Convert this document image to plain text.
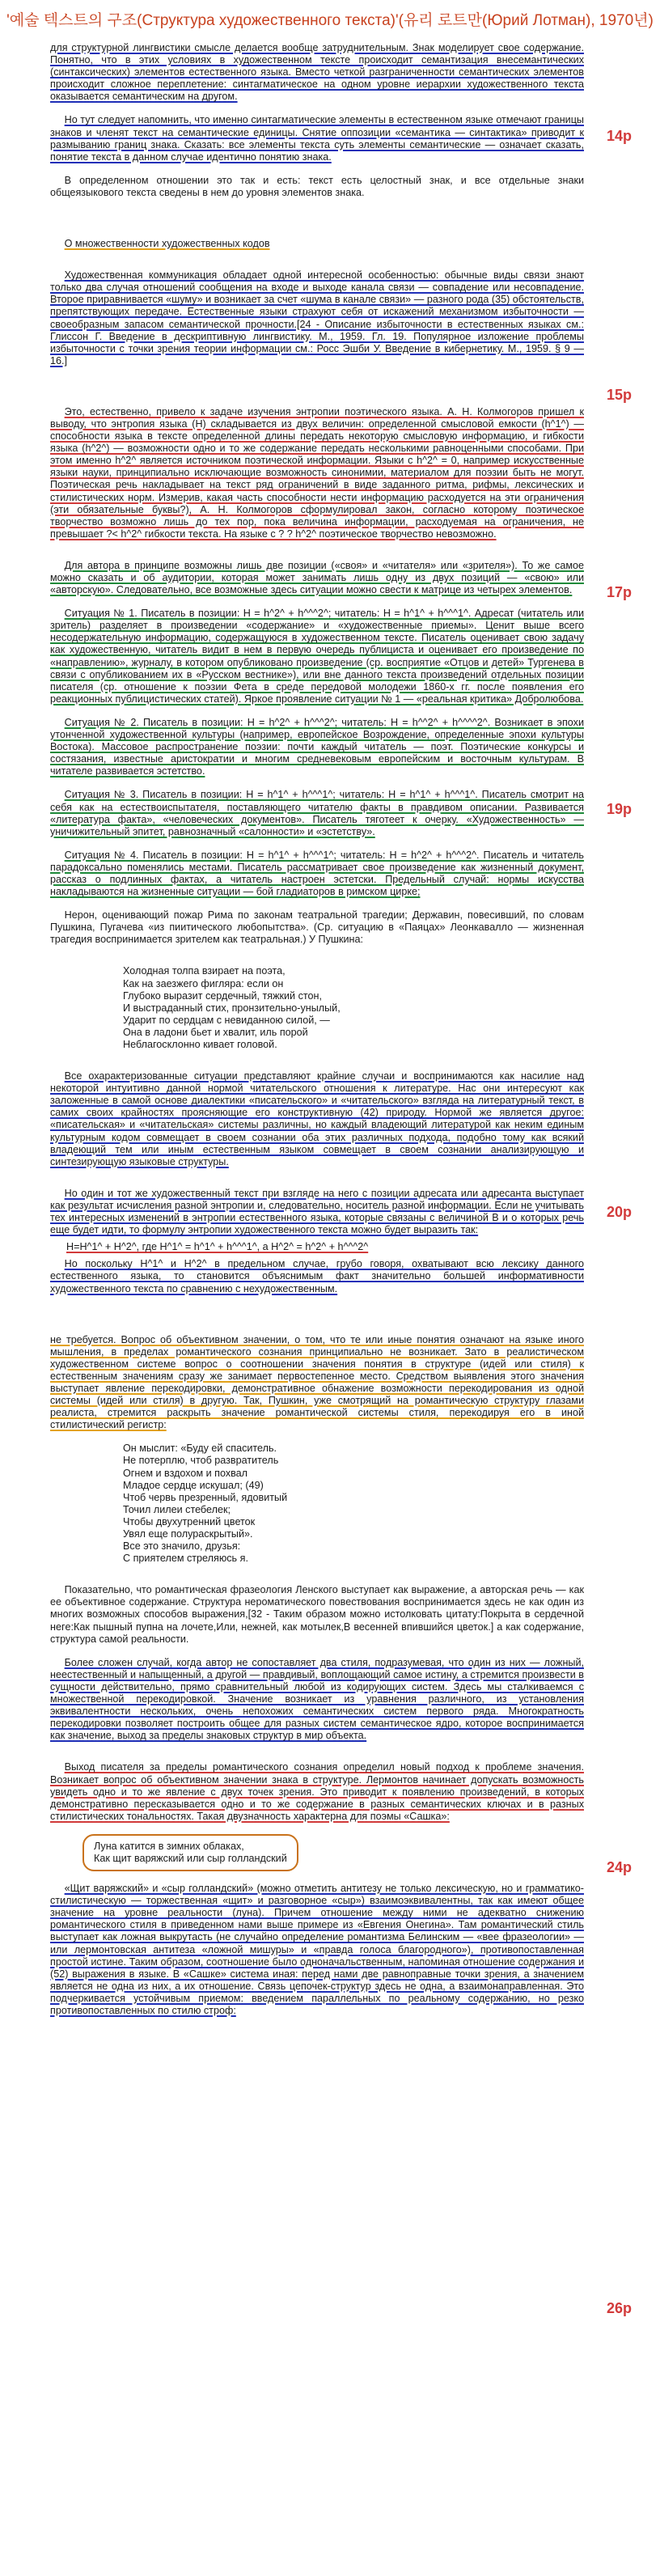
'예술 텍스트의 구조(Структура художественного текста)'(유리 로트만(Юрий Лотман), 1970년)
14p
15p
17p
19p
20p
24p
26p

для структурной лингвистики смысле делается вообще затруднительным. Знак моделирует свое содержание. Понятно, что в этих условиях в художественном тексте происходит семантизация внесемантических (синтаксических) элементов естественного языка. Вместо четкой разграниченности семантических элементов происходит сложное переплетение: синтагматическое на одном уровне иерархии художественного текста оказывается семантическим на другом.

Но тут следует напомнить, что именно синтагматические элементы в естественном языке отмечают границы знаков и членят текст на семантические единицы. Снятие оппозиции «семантика — синтактика» приводит к размыванию границ знака. Сказать: все элементы текста суть элементы семантические — означает сказать, понятие текста в данном случае идентично понятию знака.

В определенном отношении это так и есть: текст есть целостный знак, и все отдельные знаки общеязыкового текста сведены в нем до уровня элементов знака.

О множественности художественных кодов

Художественная коммуникация обладает одной интересной особенностью: обычные виды связи знают только два случая отношений сообщения на входе и выходе канала связи — совпадение или несовпадение. Второе приравнивается «шуму» и возникает за счет «шума в канале связи» — разного рода (35) обстоятельств, препятствующих передаче. Естественные языки страхуют себя от искажений механизмом избыточности — своеобразным запасом семантической прочности.[24 - Описание избыточности в естественных языках см.: Глисcон Г. Введение в дескриптивную лингвистику. М., 1959. Гл. 19. Популярное изложение проблемы избыточности с точки зрения теории информации см.: Росс Эшби У. Введение в кибернетику. М., 1959. § 9 — 16.]

Это, естественно, привело к задаче изучения энтропии поэтического языка. А. Н. Колмогоров пришел к выводу, что энтропия языка (Н) складывается из двух величин: определенной смысловой емкости (h^1^) — способности языка в тексте определенной длины передать некоторую смысловую информацию, и гибкости языка (h^2^) — возможности одно и то же содержание передать несколькими равноценными способами. При этом именно h^2^ является источником поэтической информации. Языки с h^2^ = 0, например искусственные языки науки, принципиально исключающие возможность синонимии, материалом для поэзии быть не могут. Поэтическая речь накладывает на текст ряд ограничений в виде заданного ритма, рифмы, лексических и стилистических норм. Измерив, какая часть способности нести информацию расходуется на эти ограничения (эти обязательные буквы?), А. Н. Колмогоров сформулировал закон, согласно которому поэтическое творчество возможно лишь до тех пор, пока величина информации, расходуемая на ограничения, не превышает ?< h^2^ гибкости текста. На языке с ? ? h^2^ поэтическое творчество невозможно.

Для автора в принципе возможны лишь две позиции («своя» и «читателя» или «зрителя»). То же самое можно сказать и об аудитории, которая может занимать лишь одну из двух позиций — «свою» или «авторскую». Следовательно, все возможные здесь ситуации можно свести к матрице из четырех элементов.

Ситуация № 1. Писатель в позиции: Н = h^2^ + h^^^2^; читатель: Н = h^1^ + h^^^1^. Адресат (читатель или зритель) разделяет в произведении «содержание» и «художественные приемы». Ценит выше всего несодержательную информацию, содержащуюся в художественном тексте. Писатель оценивает свою задачу как художественную, читатель видит в нем в первую очередь публициста и оценивает его произведение по «направлению», журналу, в котором опубликовано произведение (ср. восприятие «Отцов и детей» Тургенева в связи с опубликованием их в «Русском вестнике»), или вне данного текста произведений отдельных позиции писателя (ср. отношение к поэзии Фета в среде передовой молодежи 1860-х гг. после появления его реакционных публицистических статей). Яркое проявление ситуации № 1 — «реальная критика» Добролюбова.

Ситуация № 2. Писатель в позиции: Н = h^2^ + h^^^2^; читатель: Н = h^^2^ + h^^^^2^. Возникает в эпохи утонченной художественной культуры (например, европейское Возрождение, определенные эпохи культуры Востока). Массовое распространение поэзии: почти каждый читатель — поэт. Поэтические конкурсы и состязания, известные аристократии и многим средневековым европейским и восточным культурам. В читателе развивается эстетство.

Ситуация № 3. Писатель в позиции: Н = h^1^ + h^^^1^; читатель: Н = h^1^ + h^^^1^. Писатель смотрит на себя как на естествоиспытателя, поставляющего читателю факты в правдивом описании. Развивается «литература факта», «человеческих документов». Писатель тяготеет к очерку. «Художественность» — уничижительный эпитет, равнозначный «салонности» и «эстетству».

Ситуация № 4. Писатель в позиции: Н = h^1^ + h^^^1^; читатель: Н = h^2^ + h^^^2^. Писатель и читатель парадоксально поменялись местами. Писатель рассматривает свое произведение как жизненный документ, рассказ о подлинных фактах, а читатель настроен эстетски. Предельный случай: нормы искусства накладываются на жизненные ситуации — бой гладиаторов в римском цирке;

Нерон, оценивающий пожар Рима по законам театральной трагедии; Державин, повесивший, по словам Пушкина, Пугачева «из пиитического любопытства». (Ср. ситуацию в «Паяцах» Леонкавалло — жизненная трагедия воспринимается зрителем как театральная.) У Пушкина:

Холодная толпа взирает на поэта,
Как на заезжего фигляра: если он
Глубоко выразит сердечный, тяжкий стон,
И выстраданный стих, пронзительно-унылый,
Ударит по сердцам с невиданною силой, —
Она в ладони бьет и хвалит, иль порой
Неблагосклонно кивает головой.

Все охарактеризованные ситуации представляют крайние случаи и воспринимаются как насилие над некоторой интуитивно данной нормой читательского отношения к литературе. Нас они интересуют как заложенные в самой основе диалектики «писательского» и «читательского» взгляда на литературный текст, в самих своих крайностях проясняющие его конструктивную (42) природу. Нормой же является другое: «писательская» и «читательская» системы различны, но каждый владеющий литературой как неким единым культурным кодом совмещает в своем сознании оба этих различных подхода, подобно тому как всякий владеющий тем или иным естественным языком совмещает в своем сознании анализирующую и синтезирующую языковые структуры.

Но один и тот же художественный текст при взгляде на него с позиции адресата или адресанта выступает как результат исчисления разной энтропии и, следовательно, носитель разной информации. Если не учитывать тех интересных изменений в энтропии естественного языка, которые связаны с величиной В и о которых речь еще будет идти, то формулу энтропии художественного текста можно будет выразить так:

Н=Н^1^ + Н^2^, где Н^1^ = h^1^ + h^^^1^, а Н^2^ = h^2^ + h^^^2^

Но поскольку Н^1^ и Н^2^ в предельном случае, грубо говоря, охватывают всю лексику данного естественного языка, то становится объяснимым факт значительно большей информативности художественного текста по сравнению с нехудожественным.

не требуется. Вопрос об объективном значении, о том, что те или иные понятия означают на языке иного мышления, в пределах романтического сознания принципиально не возникает. Зато в реалистическом художественном системе вопрос о соотношении значения понятия в структуре (идей или стиля) к естественным значениям сразу же занимает первостепенное место. Средством выявления этого значения выступает явление перекодировки, демонстративное обнажение возможности перекодирования из одной системы (идей или стиля) в другую. Так, Пушкин, уже смотрящий на романтическую структуру глазами реалиста, стремится раскрыть значение романтической системы стиля, перекодируя его в иной стилистический регистр:

Он мыслит: «Буду ей спаситель.
Не потерплю, чтоб развратитель
Огнем и вздохом и похвал
Младое сердце искушал; (49)
Чтоб червь презренный, ядовитый
Точил лилеи стебелек;
Чтобы двухутренний цветок
Увял еще полураскрытый».
Все это значило, друзья:
С приятелем стреляюсь я.

Показательно, что романтическая фразеология Ленского выступает как выражение, а авторская речь — как ее объективное содержание. Структура нероматического повествования воспринимается здесь не как один из многих возможных способов выражения,[32 - Таким образом можно истолковать цитату:Покрыта в сердечной негe:Как пышный пупна на лочете,Или, нежней, как мотылек,В весенней впившийся цветок.] а как содержание, структура самой реальности.

Более сложен случай, когда автор не сопоставляет два стиля, подразумевая, что один из них — ложный, неестественный и напыщенный, а другой — правдивый, воплощающий самое истину, а стремится произвести в сущности действительно, прямо сравнительный любой из кодирующих систем. Здесь мы сталкиваемся с множественной перекодировкой. Значение возникает из уравнения различного, из установления эквивалентности нескольких, очень непохожих семантических систем первого ряда. Многократность перекодировки позволяет построить общее для разных систем семантическое ядро, которое воспринимается как значение, выход за пределы знаковых структур в мир объекта.

Выход писателя за пределы романтического сознания определил новый подход к проблеме значения. Возникает вопрос об объективном значении знака в структуре. Лермонтов начинает допускать возможность увидеть одно и то же явление с двух точек зрения. Это приводит к появлению произведений, в которых демонстративно пересказывается одно и то же содержание в разных семантических ключах и в разных стилистических тональностях. Такая двузначность характерна для поэмы «Сашка»:

Луна катится в зимних облаках,
Как щит варяжский или сыр голландский

«Щит варяжский» и «сыр голландский» (можно отметить антитезу не только лексическую, но и грамматико-стилистическую — торжественная «щит» и разговорное «сыр») взаимоэквивалентны, так как имеют общее значение на уровне реальности (луна). Причем отношение между ними не адекватно снижению романтического стиля в приведенном нами выше примере из «Евгения Онегина». Там романтический стиль выступает как ложная выкрутасть (не случайно определение романтизма Белинским — «вее фразеологии» — или лермонтовская антитеза «ложной мишуры» и «правда голоса благородного»), противопоставленная простой истине. Таким образом, соотношение было одноначальственным, напоминая отношение содержания и (52) выражения в языке. В «Сашке» система иная: перед нами две равноправные точки зрения, а значением является не одна из них, а их отношение. Связь цепочек-структур здесь не одна, а взаимонаправленная. Это подчеркивается устойчивым приемом: введением параллельных по реальному содержанию, но резко противопоставленных по стилю строф:
